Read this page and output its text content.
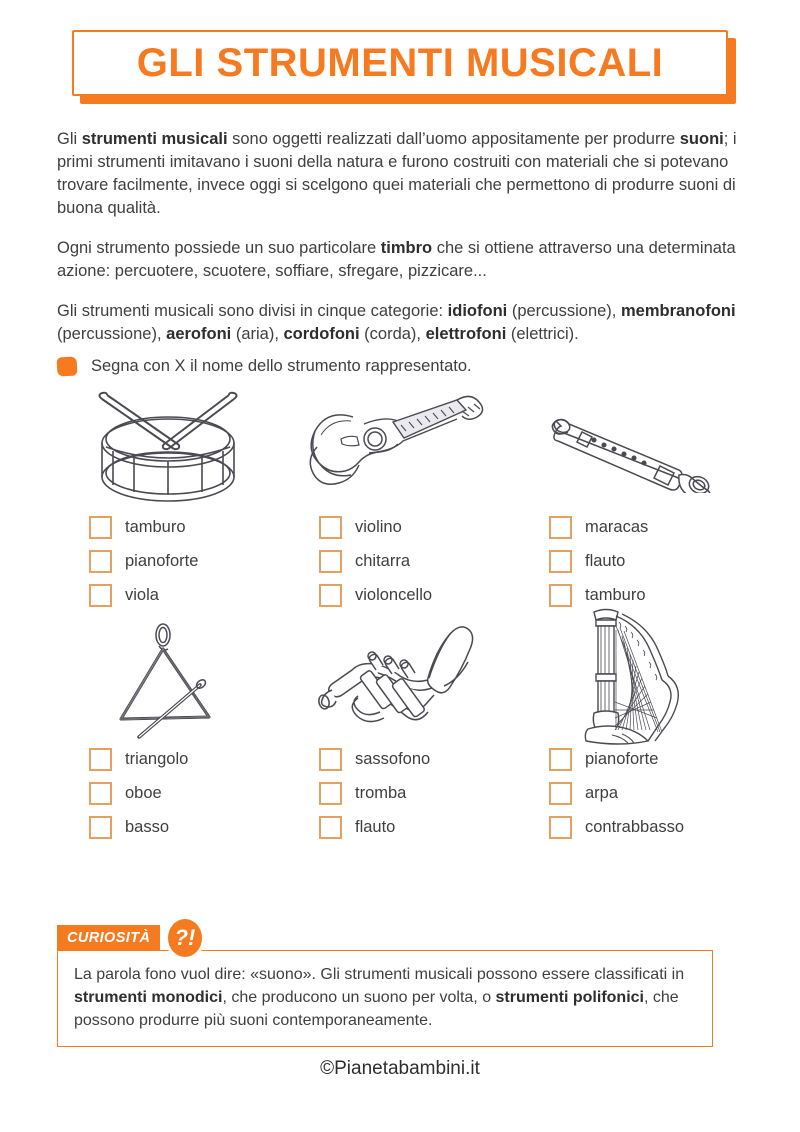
GLI STRUMENTI MUSICALI

Gli strumenti musicali sono oggetti realizzati dall’uomo appositamente per produrre suoni; i primi strumenti imitavano i suoni della natura e furono costruiti con materiali che si potevano trovare facilmente, invece oggi si scelgono quei materiali che permettono di produrre suoni di buona qualità.

Ogni strumento possiede un suo particolare timbro che si ottiene attraverso una determinata azione: percuotere, scuotere, soffiare, sfregare, pizzicare...

Gli strumenti musicali sono divisi in cinque categorie: idiofoni (percussione), membranofoni (percussione), aerofoni (aria), cordofoni (corda), elettrofoni (elettrici).

Segna con X il nome dello strumento rappresentato.
tamburo
pianoforte
viola
violino
chitarra
violoncello
maracas
flauto
tamburo
triangolo
oboe
basso
sassofono
tromba
flauto
pianoforte
arpa
contrabbasso
CURIOSITÀ ?!
La parola fono vuol dire: «suono». Gli strumenti musicali possono essere classificati in strumenti monodici, che producono un suono per volta, o strumenti polifonici, che possono produrre più suoni contemporaneamente.
©Pianetabambini.it
